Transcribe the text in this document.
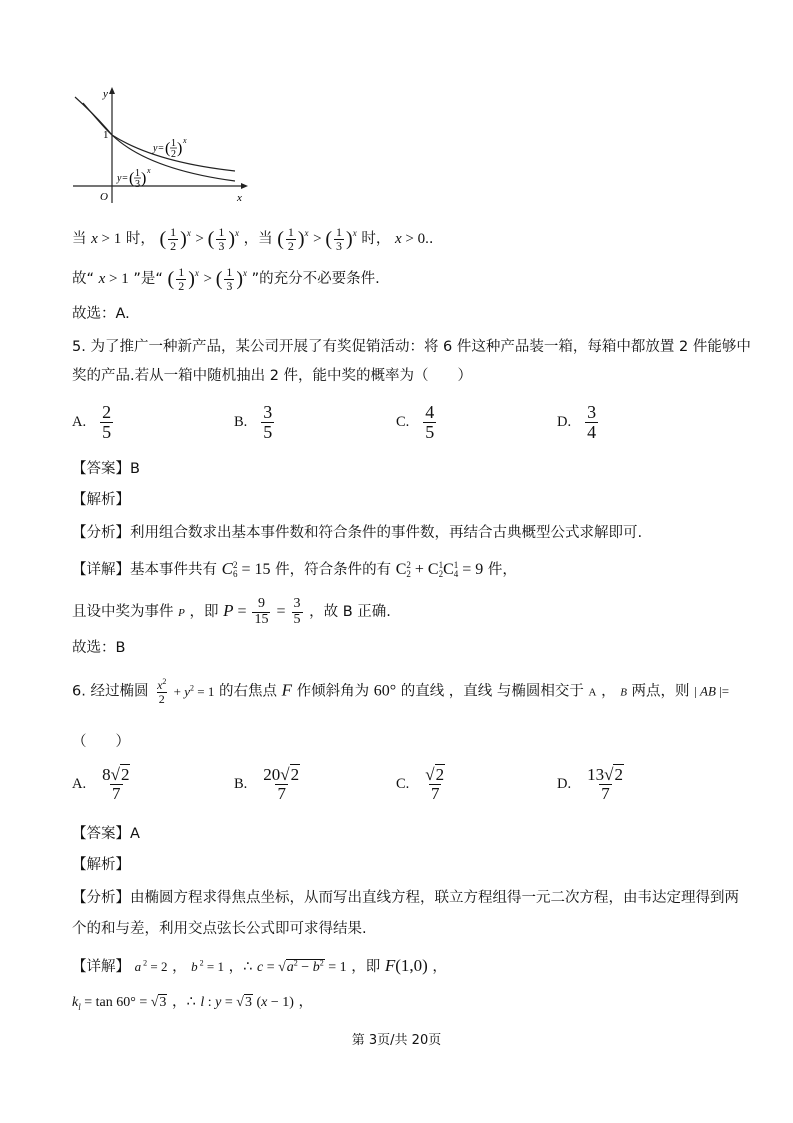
y
x
O
1
y= ( 1
2 ) x
y= ( 1
3 ) x
当 x > 1 时， ( $\frac{1}{2} )^x$ > ( $\frac{1}{3} )^x$ ，当 ( $\frac{1}{2} )^x$ > ( $\frac{1}{3} )^x$ 时， x > 0..
故“ x > 1 ”是“ ( $\frac{1}{2} )^x$ > ( $\frac{1}{3} )^x$ ”的充分不必要条件.
故选：A.
5. 为了推广一种新产品，某公司开展了有奖促销活动：将 6 件这种产品装一箱，每箱中都放置 2 件能够中
奖的产品.若从一箱中随机抽出 2 件，能中奖的概率为（　　）
A. $\frac{2}{5}$	B. $\frac{3}{5}$	C. $\frac{4}{5}$	D. $\frac{3}{4}$
【答案】B
【解析】
【分析】利用组合数求出基本事件数和符合条件的事件数，再结合古典概型公式求解即可.
【详解】基本事件共有 C 2
6 = 15 件，符合条件的有 C 2
2 + C 1
2 C 1
4 = 9 件，
且设中奖为事件 P ，即 $P = \frac{9}{15} = \frac{3}{5}$ ，故 B 正确.
故选：B
6. 经过椭圆 $\frac{x^2}{2} + y^2 = 1$ 的右焦点 F 作倾斜角为 60° 的直线 ，直线 与椭圆相交于 A ， B 两点，则 | AB |=
（　　）
A. $\frac{8√2}{7}$	B. $\frac{20√2}{7}$	C. $\frac{√2}{7}$	D. $\frac{13√2}{7}$
【答案】A
【解析】
【分析】由椭圆方程求得焦点坐标，从而写出直线方程，联立方程组得一元二次方程，由韦达定理得到两
个的和与差，利用交点弦长公式即可求得结果.
【详解】 a $^2$ = 2 ， b $^2$ = 1 ，∴ $c = √a^2 - b^2 = 1$ ，即 F(1,0) ，
$k_l = \tan 60^\circ = √3$ ，∴ l : y = √3 (x − 1) ，
第 3页/共 20页
